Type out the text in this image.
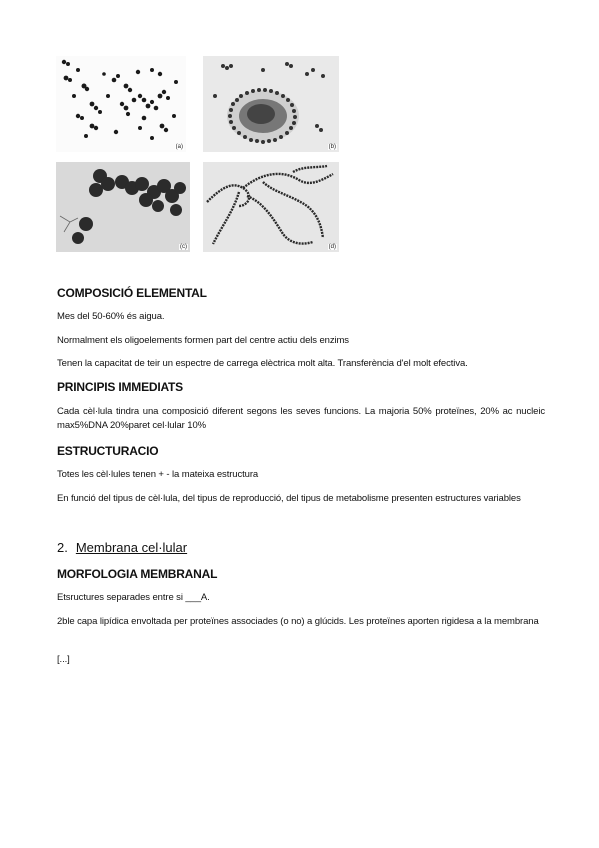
(a)	(b)
(c)	(d)
COMPOSICIÓ ELEMENTAL

Mes del 50-60% és aigua.

Normalment els oligoelements formen part del centre actiu dels enzims

Tenen la capacitat de teir un espectre de carrega elèctrica molt alta. Transferència d'el molt efectiva.

PRINCIPIS IMMEDIATS

Cada cèl·lula tindra una composició diferent segons les seves funcions. La majoria 50% proteïnes, 20% ac nucleic max5%DNA 20%paret cel·lular 10%

ESTRUCTURACIO

Totes les cèl·lules tenen + - la mateixa estructura

En funció del tipus de cèl·lula, del tipus de reproducció, del tipus de metabolisme presenten estructures variables

2. Membrana cel·lular
MORFOLOGIA MEMBRANAL

Etsructures separades entre si ___A.

2ble capa lipídica envoltada per proteïnes associades (o no) a glúcids. Les proteïnes aporten rigidesa a la membrana

[...]
